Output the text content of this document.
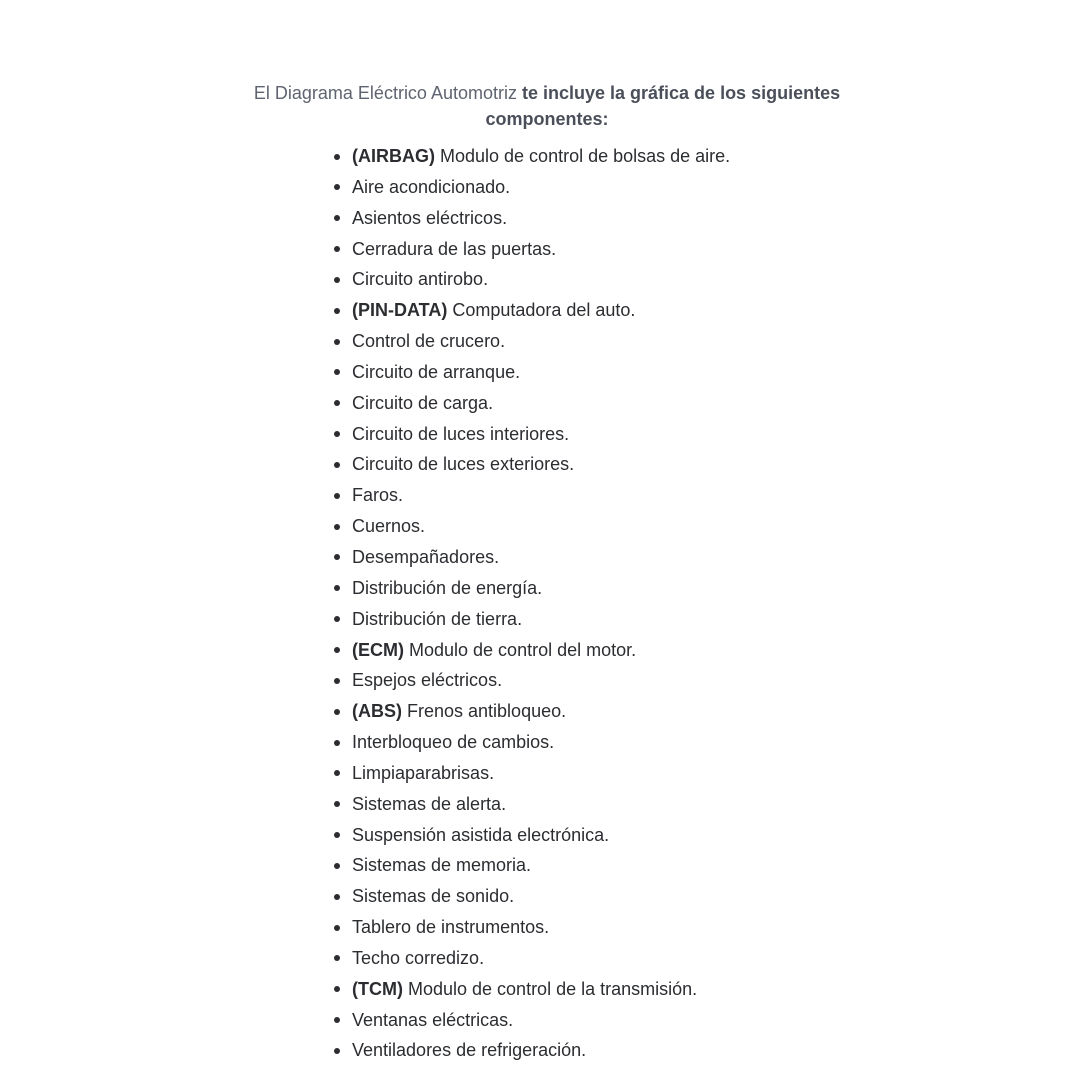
El Diagrama Eléctrico Automotriz te incluye la gráfica de los siguientes componentes:

(AIRBAG) Modulo de control de bolsas de aire.
Aire acondicionado.
Asientos eléctricos.
Cerradura de las puertas.
Circuito antirobo.
(PIN-DATA) Computadora del auto.
Control de crucero.
Circuito de arranque.
Circuito de carga.
Circuito de luces interiores.
Circuito de luces exteriores.
Faros.
Cuernos.
Desempañadores.
Distribución de energía.
Distribución de tierra.
(ECM) Modulo de control del motor.
Espejos eléctricos.
(ABS) Frenos antibloqueo.
Interbloqueo de cambios.
Limpiaparabrisas.
Sistemas de alerta.
Suspensión asistida electrónica.
Sistemas de memoria.
Sistemas de sonido.
Tablero de instrumentos.
Techo corredizo.
(TCM) Modulo de control de la transmisión.
Ventanas eléctricas.
Ventiladores de refrigeración.
